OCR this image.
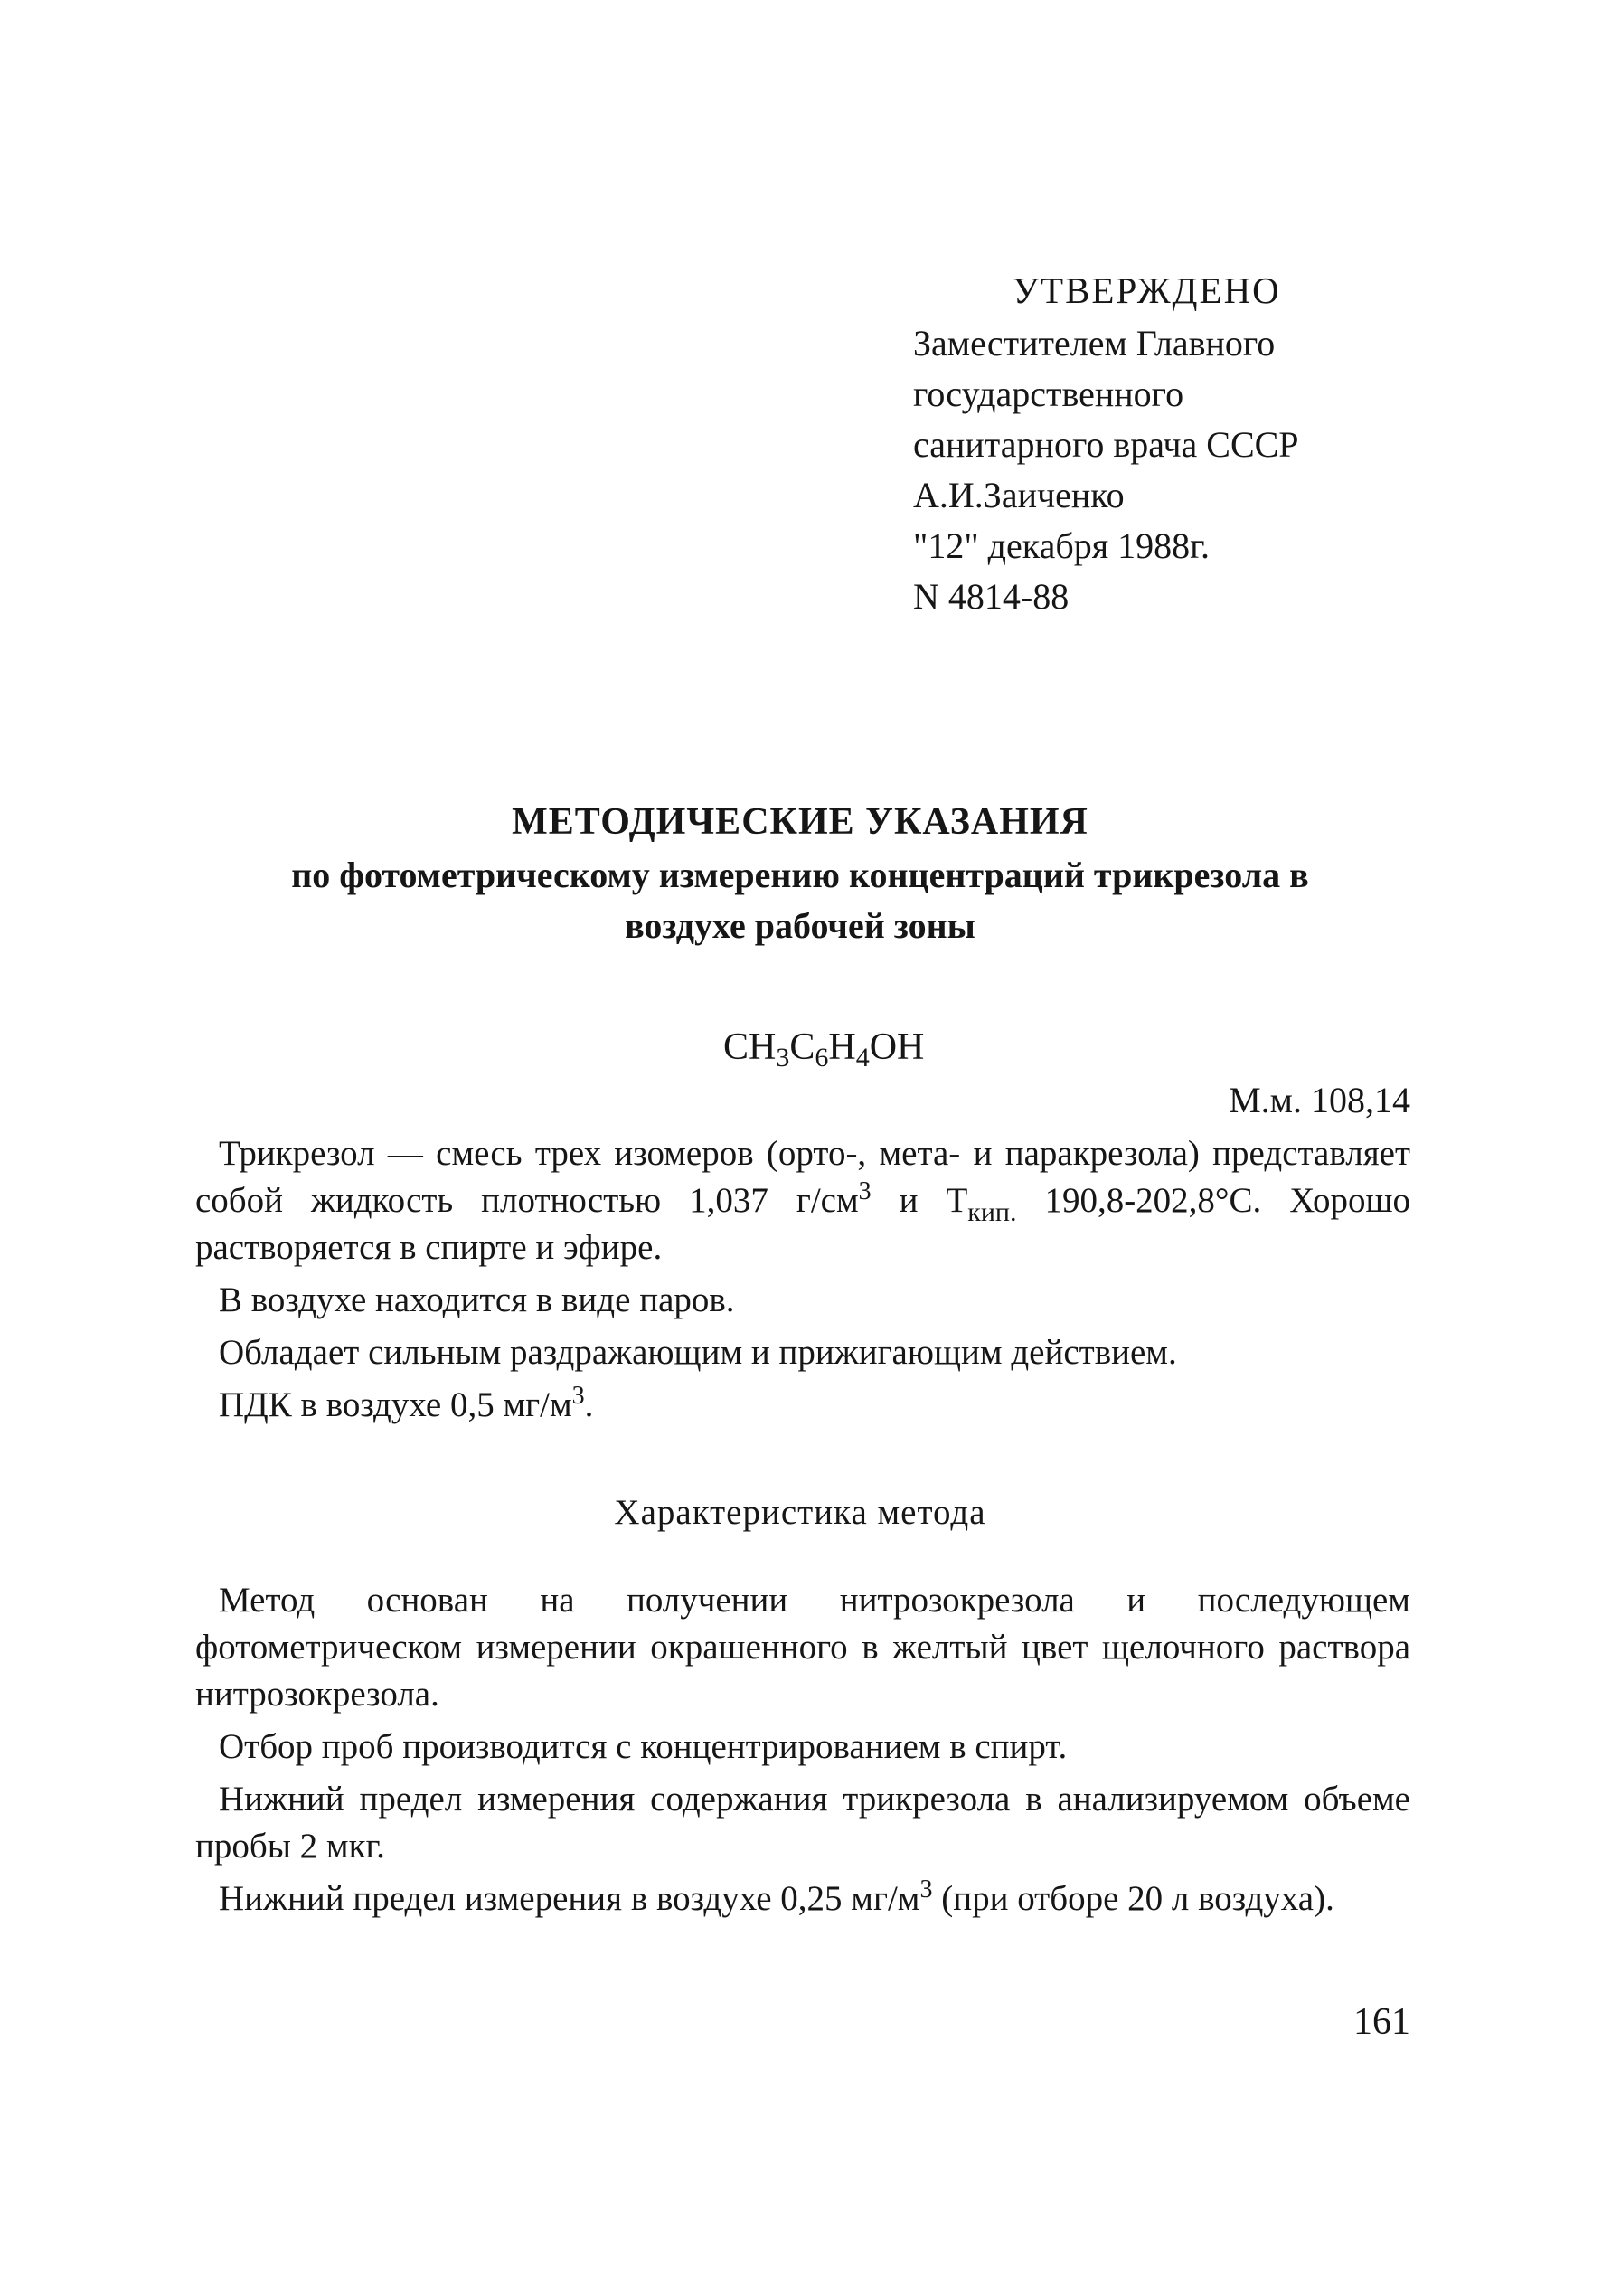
УТВЕРЖДЕНО
Заместителем Главного
государственного
санитарного врача СССР
А.И.Заиченко
"12" декабря 1988г.
N 4814-88
МЕТОДИЧЕСКИЕ УКАЗАНИЯ
по фотометрическому измерению концентраций трикрезола в
воздухе рабочей зоны
$CH_3C_6H_4OH$
М.м. 108,14
Трикрезол — смесь трех изомеров (орто-, мета- и паракрезола) представляет собой жидкость плотностью 1,037 $г/см^3$ и $Т_{кип.}$ 190,8-202,8°С. Хорошо растворяется в спирте и эфире.
В воздухе находится в виде паров.
Обладает сильным раздражающим и прижигающим действием.
ПДК в воздухе 0,5 $мг/м^3$.
Характеристика метода
Метод основан на получении нитрозокрезола и последующем фотометрическом измерении окрашенного в желтый цвет щелочного раствора нитрозокрезола.
Отбор проб производится с концентрированием в спирт.
Нижний предел измерения содержания трикрезола в анализируемом объеме пробы 2 мкг.
Нижний предел измерения в воздухе 0,25 $мг/м^3$ (при отборе 20 л воздуха).
161
